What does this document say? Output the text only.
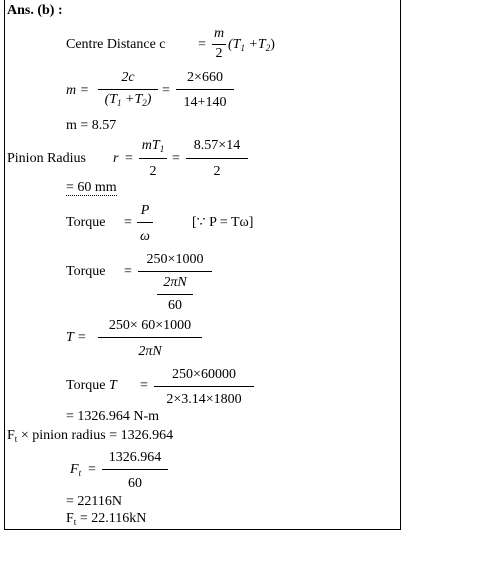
Ans. (b) :
Centre Distance c =
m
2
$(T_1 +T_2)$
m =
2c
$(T_1 +T_2)$
=
2×660
14+140
m = 8.57
Pinion Radius r =
$mT_1$
2
=
8.57×14
2
= 60 mm
Torque =
P
ω
[∵ P = Tω]
Torque =
250×1000
2πN
60
T =
250× 60×1000
2πN
Torque T =
250×60000
2×3.14×1800
= 1326.964 N-m
$F_t$ × pinion radius = 1326.964
$F_t$ =
1326.964
60
= 22116N
$F_t = 22.116kN$
